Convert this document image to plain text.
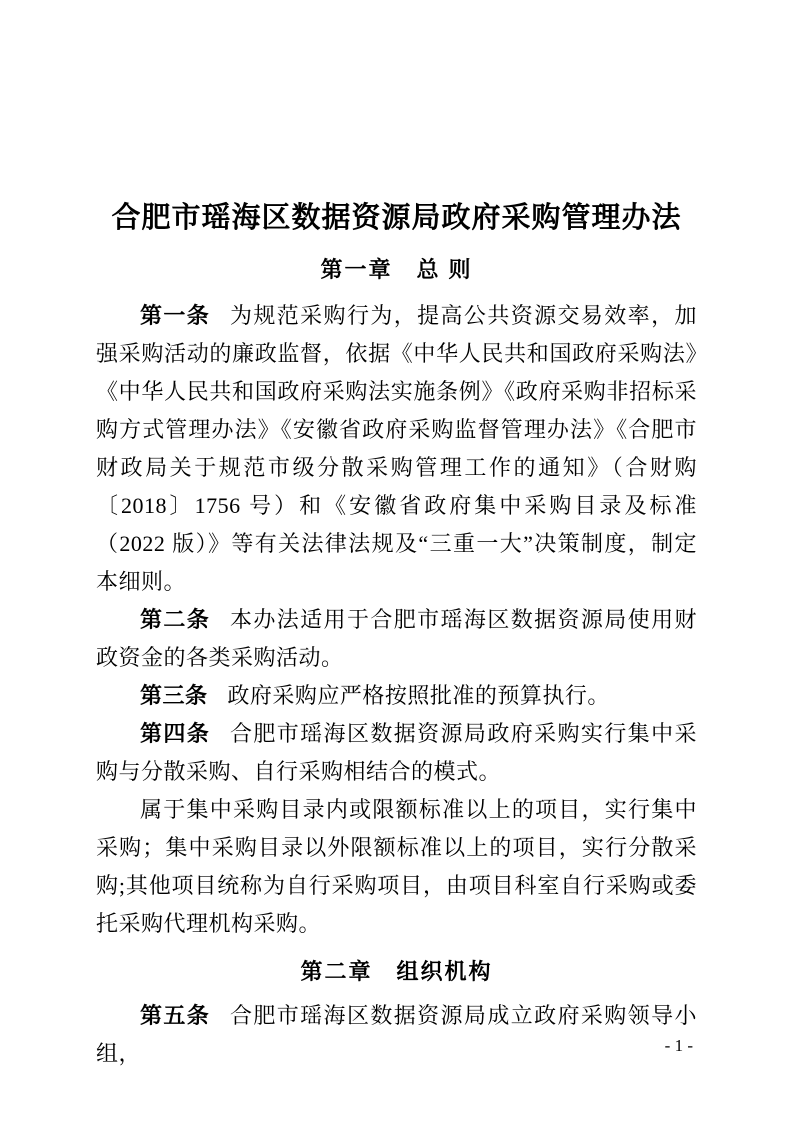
合肥市瑶海区数据资源局政府采购管理办法
第一章　总 则

第一条 为规范采购行为，提高公共资源交易效率，加强采购活动的廉政监督，依据《中华人民共和国政府采购法》《中华人民共和国政府采购法实施条例》《政府采购非招标采购方式管理办法》《安徽省政府采购监督管理办法》《合肥市财政局关于规范市级分散采购管理工作的通知》（合财购〔2018〕1756 号）和《安徽省政府集中采购目录及标准（2022 版）》等有关法律法规及“三重一大”决策制度，制定本细则。

第二条 本办法适用于合肥市瑶海区数据资源局使用财政资金的各类采购活动。

第三条 政府采购应严格按照批准的预算执行。

第四条 合肥市瑶海区数据资源局政府采购实行集中采购与分散采购、自行采购相结合的模式。

属于集中采购目录内或限额标准以上的项目，实行集中采购；集中采购目录以外限额标准以上的项目，实行分散采购;其他项目统称为自行采购项目，由项目科室自行采购或委托采购代理机构采购。

第二章　组织机构

第五条 合肥市瑶海区数据资源局成立政府采购领导小组，	- 1 -
